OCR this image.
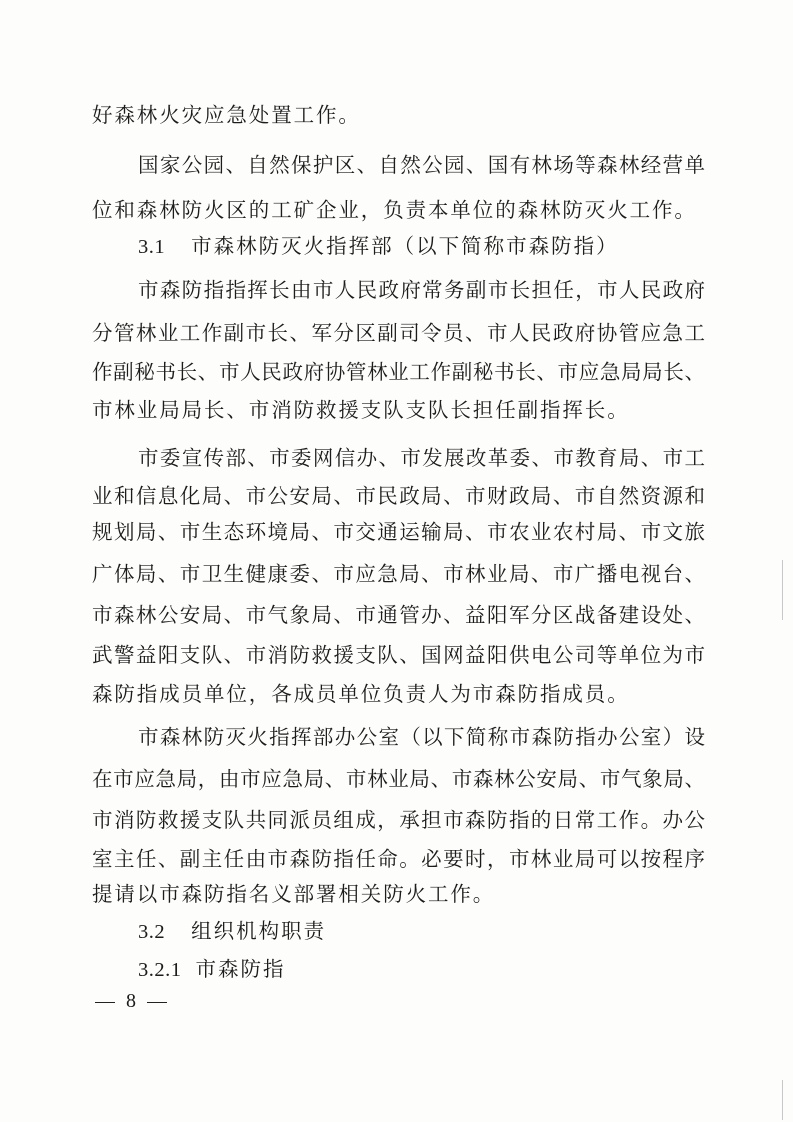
好森林火灾应急处置工作。
国家公园、自然保护区、自然公园、国有林场等森林经营单
位和森林防火区的工矿企业，负责本单位的森林防灭火工作。
3.1 市森林防灭火指挥部（以下简称市森防指）
市森防指指挥长由市人民政府常务副市长担任，市人民政府
分管林业工作副市长、军分区副司令员、市人民政府协管应急工
作副秘书长、市人民政府协管林业工作副秘书长、市应急局局长、
市林业局局长、市消防救援支队支队长担任副指挥长。
市委宣传部、市委网信办、市发展改革委、市教育局、市工
业和信息化局、市公安局、市民政局、市财政局、市自然资源和
规划局、市生态环境局、市交通运输局、市农业农村局、市文旅
广体局、市卫生健康委、市应急局、市林业局、市广播电视台、
市森林公安局、市气象局、市通管办、益阳军分区战备建设处、
武警益阳支队、市消防救援支队、国网益阳供电公司等单位为市
森防指成员单位，各成员单位负责人为市森防指成员。
市森林防灭火指挥部办公室（以下简称市森防指办公室）设
在市应急局，由市应急局、市林业局、市森林公安局、市气象局、
市消防救援支队共同派员组成，承担市森防指的日常工作。办公
室主任、副主任由市森防指任命。必要时，市林业局可以按程序
提请以市森防指名义部署相关防火工作。
3.2 组织机构职责
3.2.1 市森防指
8
